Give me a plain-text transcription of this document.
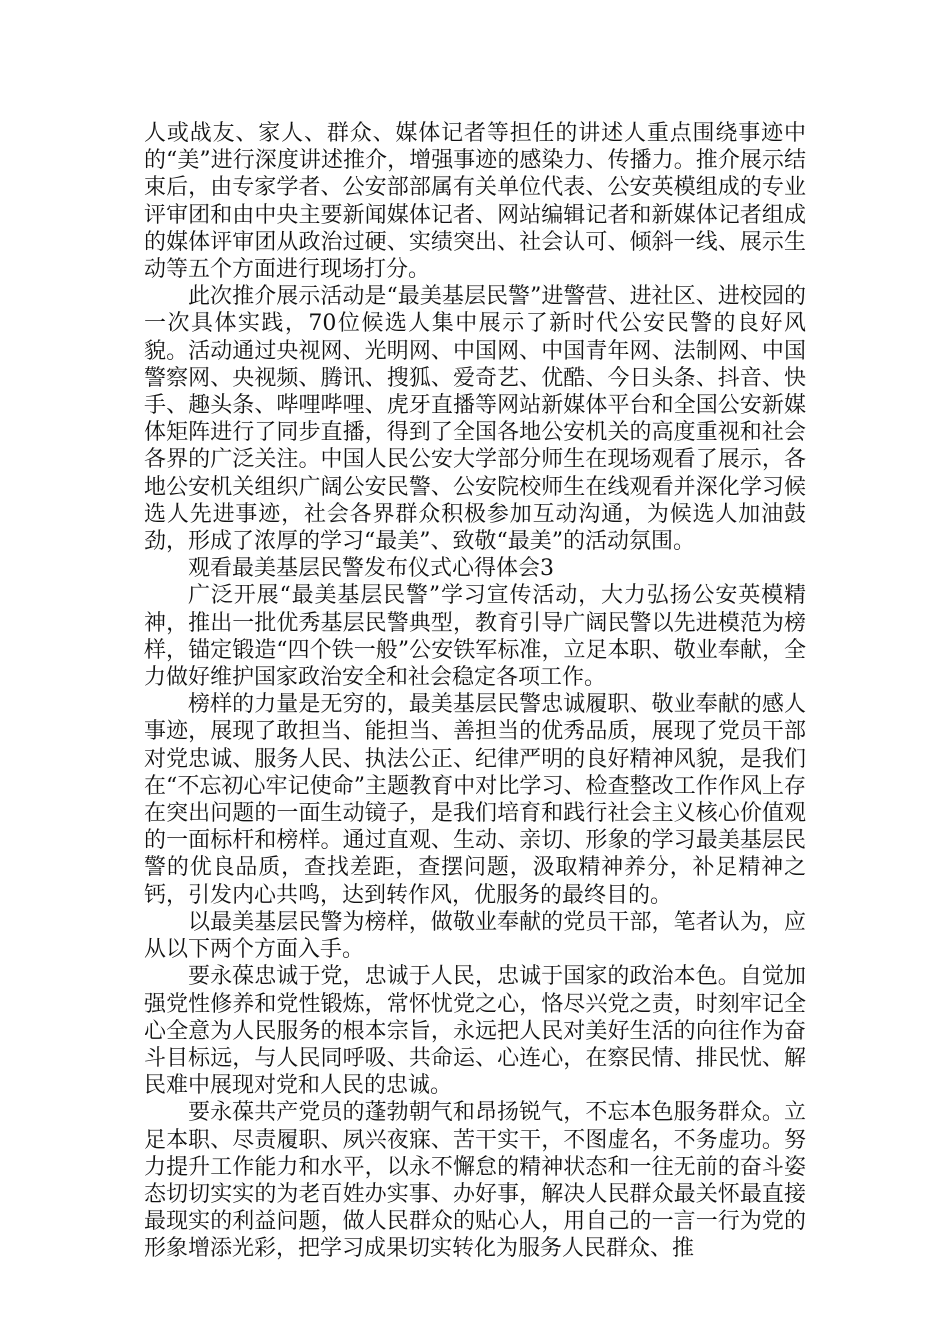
人或战友、家人、群众、媒体记者等担任的讲述人重点围绕事迹中的“美”进行深度讲述推介，增强事迹的感染力、传播力。推介展示结束后，由专家学者、公安部部属有关单位代表、公安英模组成的专业评审团和由中央主要新闻媒体记者、网站编辑记者和新媒体记者组成的媒体评审团从政治过硬、实绩突出、社会认可、倾斜一线、展示生动等五个方面进行现场打分。

此次推介展示活动是“最美基层民警”进警营、进社区、进校园的一次具体实践，70位候选人集中展示了新时代公安民警的良好风貌。活动通过央视网、光明网、中国网、中国青年网、法制网、中国警察网、央视频、腾讯、搜狐、爱奇艺、优酷、今日头条、抖音、快手、趣头条、哔哩哔哩、虎牙直播等网站新媒体平台和全国公安新媒体矩阵进行了同步直播，得到了全国各地公安机关的高度重视和社会各界的广泛关注。中国人民公安大学部分师生在现场观看了展示，各地公安机关组织广阔公安民警、公安院校师生在线观看并深化学习候选人先进事迹，社会各界群众积极参加互动沟通，为候选人加油鼓劲，形成了浓厚的学习“最美”、致敬“最美”的活动氛围。

观看最美基层民警发布仪式心得体会3

广泛开展“最美基层民警”学习宣传活动，大力弘扬公安英模精神，推出一批优秀基层民警典型，教育引导广阔民警以先进模范为榜样，锚定锻造“四个铁一般”公安铁军标准，立足本职、敬业奉献，全力做好维护国家政治安全和社会稳定各项工作。

榜样的力量是无穷的，最美基层民警忠诚履职、敬业奉献的感人事迹，展现了敢担当、能担当、善担当的优秀品质，展现了党员干部对党忠诚、服务人民、执法公正、纪律严明的良好精神风貌，是我们在“不忘初心牢记使命”主题教育中对比学习、检查整改工作作风上存在突出问题的一面生动镜子，是我们培育和践行社会主义核心价值观的一面标杆和榜样。通过直观、生动、亲切、形象的学习最美基层民警的优良品质，查找差距，查摆问题，汲取精神养分，补足精神之钙，引发内心共鸣，达到转作风，优服务的最终目的。

以最美基层民警为榜样，做敬业奉献的党员干部，笔者认为，应从以下两个方面入手。

要永葆忠诚于党，忠诚于人民，忠诚于国家的政治本色。自觉加强党性修养和党性锻炼，常怀忧党之心，恪尽兴党之责，时刻牢记全心全意为人民服务的根本宗旨，永远把人民对美好生活的向往作为奋斗目标远，与人民同呼吸、共命运、心连心，在察民情、排民忧、解民难中展现对党和人民的忠诚。

要永葆共产党员的蓬勃朝气和昂扬锐气，不忘本色服务群众。立足本职、尽责履职、夙兴夜寐、苦干实干，不图虚名，不务虚功。努力提升工作能力和水平，以永不懈怠的精神状态和一往无前的奋斗姿态切切实实的为老百姓办实事、办好事，解决人民群众最关怀最直接最现实的利益问题，做人民群众的贴心人，用自己的一言一行为党的形象增添光彩，把学习成果切实转化为服务人民群众、推
